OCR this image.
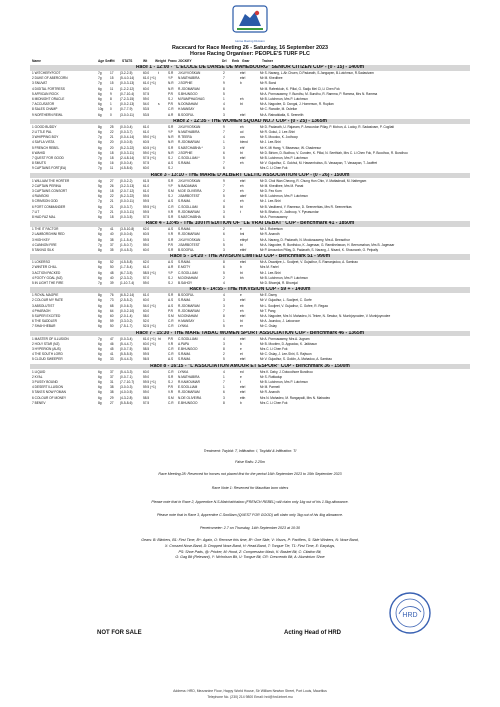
Horse Racing Division
Racecard for Race Meeting 26 - Saturday, 16 September 2023
Horse Racing Organiser: PEOPLE'S TURF PLC
Name	Age Sex
Rtt STATS	Wt Weight Franc JOCKEY	Drl Emb Gear	Trainer
Race 1 - 12:00 - "L'ECOLE DE DANSE DE MAHÉBOURG" SENIOR CITIZEN CUP - (0 - 15) - 1400m
1 WITCHERYFOOT	7g	17	(3-2-2-5)	60.0	S.R	J.KUYVOSKAN	2	ebrl
t	Mr S. Narang, L.Ah Chuen, D.Padarath, S.Jangapen, B.Lutchmun, R.Sadasivam
2 DUKE OF ABERCORN	7g	15	(5-4-0-14)	61.0 (+1)	Y.P	N.MATHABIRA	7	ebrl	Mr M. Khedibee
3 SNUVAT	7g	15	(0-0-3-13)	61.0 (+1)	N.R	J.SOPHIE	9	b	Mr R. Bond
4 DIGITAL FORTRESS	6g	11	(1-2-2-12)	60.0	N.R	R.JOOMARAM	8	Mr M. Rafeekkoh, K. Pillai, G. Sadju Mei Ci, Li Chen Fok
5 AFRICAN ROCK	6g	9	(0-7-10-4)	57.5	P.R	S.BHUNGOO	5	Mr A. Ponnusawmy, Y. Bundhu, M. Bundhu, R. Ramma, P. Ramma, Mrs N. Ramma
6 MIDNIGHT ORACLE	6g	8	(7-2-3-15)	59.0	S.J	M.RAMPHAGHAG	1	eh	Mr B. Lutchmun, Mrs P. Lutchmun
7 ACCUSATOR	6g	1	(0-0-2-13)	54.0	P.R	N.DOMAHAM	4	bt
s	Mr A. Nagodee, D. Dongal, J. Homerson, R. Ruplian
8 SALES CHAMP	10g	0	(0-7-7-9)	53.5	C.R	H.MANSAY	6	Mr C. Rarodie, M. Ouleliar
9 NORTHERN REWL	6g	0	(3-0-0-11)	53.5	A.R	B.SOOFUL	3	ebrl	Mr A. Ratnatkiatla, S. Seeneith
Race 2 - 12:35 - THE WOMEN SQUAD NO.7 CUP - (0 - 25) - 1365m
1 GOOD BUDDY	8g	25	(0-0-0-4)	61.0	S.R	J.KUYVOSKAN	9	eh	Mr D. Padarath, U. Rajaram, P. Amourdon Pillay, P. Mohun, A. Lodoy, R. Sadasivam, P. Cogliati
2 LITTLE PAL	6g	22	(0-0-3-7)	61.0	Y.P	N.MATHABIRA	7	cd	Mr R. Gokul, J. Lee-Shiri
3 WHIPPING BOY	7g	21	(0-0-4-14)	59.0 (+1)	N.R	R.TEERA	4	ccs	Mr S. Moodoo, K. Jodhoop
4 SAFLA VISTA	6g	20	(0-0-0-5)	60.5	N.R	R.JOOMARAM	1	blend	Mr J. Lee-Shiri
5 FRENCH REBEL	6g	20	(5-2-3-22)	60.5 (+1)	S.R	S.MATCHABHA *	3	ehf	Mr K. Mi Hang, Y. Bissessur, W. Chadeesur
6 WAHID	6g	18	(0-0-3-11)	59.0 (+1)	N.R	J.SOPHIE	6	bt	Mr D. Biriom, D. Budhoo, V. Cunden, K. Pillai, N. Seethiah, Mrs C. Li Chen Fok, P. Boodhoo, R. Bundhoo
7 QUEST FOR GOOD	7g	18	(2-4-8-14)	57.5 (+1)	S.J	C.SOOLLIAM *	5	ebrl	Mr B. Lutchmun, Mrs P. Lutchmun
8 SMUTS	6g	16	(0-0-0-4)	57.5	A.S	S.RAMA	7	eh	Mr V. Gujadhur, C. Gokhul, M. Hassenbubus, B. Vassapan, T. Vassapan, T. Jauffret
9 CAPTAINS FORT(EA)	7g	11	(4-5-8-6)	60.0	S.J	6	Mrs C. Li Chen Fok
Race 3 - 13:10 - THE MARIE D'ALBERT CELTIC ASSOCIATION CUP - (0 - 26) - 1500m
1 WILLIAM THE HORTER	4g	27	(0-0-2-2)	61.5	S.R	J.KUYVOSKAN	9	ebrl	Mr D. Chol Wan Cheong, R. Chung Hon Chin, V. Mattadeudi, M. Nattergam
2 CAPTAIN PERINA	5g	26	(3-2-3-13)	61.0	Y.P	N.BADAMAN	7	eh	Mr M. Khedibee, Mrs M. Panat
3 CAPTAINS CONSORT	6g	18	(2-0-7-12)	61.0	S.M	M.DE OLIVEIRA	2	eh	Mr D. Feo Kum
4 RANSOKI	6g	22	(5-2-3-22)	59.5	S.J	J.BARBOTEST	5	abnf	Mr B. Lutchmun, Mrs P. Lutchmun
5 CRIMSON GOD	7g	21	(0-0-0-11)	59.5	A.S	S.RAMA	4	eh	Mr J. Lee-Shiri
6 FORT COMMANDER	6g	21	(0-0-3-7)	59.5 (+1)	C.R	C.SOOLLIAM	8	bt	Mr B. Vasilkend, Y. Ramesur, D. Seeneehias, Mrs R. Seeneehias
7 LIT	7g	21	(0-0-3-11)	59.5	V.R	R.JOOMARAM	3	t	Mr B. Bhatoo, K. Jodhoop, Y. Pynasundar
8 HAD FAZ MAL	6g	18	(0-0-3-5)	57.5	S.R	S.MATCHABHA	6	Mr A. Ponnusawmy
Race 4 - 13:45 - THE 100TH EDITION OF "LE VRAI DÉBAT" CUP - Benchmark 41 - 1850m
1 THE IT FACTOR	7g	41	(3-5-10-8)	62.0	A.S	S.RAMA	2	e	Mr J. Robertson
2 LAMBORGHINI RED	6g	40	(0-0-0-6)	60.5	V.R	R.JOOMARAM	6	bnl	Mr R. Anandh
3 HIGH KEY	8g	38	(1-1-5-4)	59.5	S.R	J.KUYVOSKAN	1	ebhpf	Mr A. Narang, D. Padarath, N. Moolussawmy, Mrs A. Beeaothur
4 CANNON FIRE	7g	37	(1-5-0-7)	59.0	P.R	J.BARBOTEST	5	bt	Mr A. Nagodee, R. Bunthdoo, K. Jagessar, G. Ramkhelawon, H. Beerumahan, Mrs B. Jagessar
5 TAKING SILK	8g	35	(0-4-5-3)	60.0	S.R	B.SOOFUL	3	ebhf	Mr P. Amourdon Pillay, D. Padarath, S. Narang, J. Nisard, K. Shounwah, O. Pelpally
Race 5 - 14:20 - THE AIVISION LIMITED CUP - Benchmark 51 - 990m
1 LOKERSO	6g	52	(4-5-5-8)	62.0	A.S	S.RAMA	8	ebnl	Mr A. Dwarkjee, L. Sooljeet, V. Gujadhur, S. Ramanjadoo, A. Sambao
2 WINTER CHILL	6g	50	(1-7-5-4)	61.0	A.R	E.MOTY	6	b	Mrs M. Fariel
3 ACTION PACKED	6g	48	(6-7-3-5)	58.5 (+1)	Y.P	C.SOOLLIAM	5	bt	Mr J. Lee-Shiri
4 FOOTY GOAL (NZ)	6g	40	(2-3-3-2)	57.0	S.J	M.DONAHAM	2	bh	Mr B. Lutchmun, Mrs P. Lutchmun
5 IN LIGHT THE FIRE	7g	39	(1-10-7-4)	59.0	S.J	B.SAHOY	4	Mr D. Bhomjal, R. Bhomjal
Race 6 - 14:55 - THE HIKVISION CUP - 59 + - 1400m
1 ROYAL MAGPIE	8g	76	(6-5-2-14)	61.0	S.R	B.SOOFUL	4	e	Mr E. Darny
2 COLOUR MY RATE	6g	73	(2-5-5-2)	60.0	A.S	S.RAMA	3	ebrl	Mr V. Gujadhur, L. Sooljeet, C. Gorfe
3 ABSOLUTIST	6g	68	(0-0-6-3)	54.0 (+1)	A.S	R.JOOMARAM	3	eb	Mr L. Sooljeet, V. Gujadhur, C. Gofee, R. Regaa
4 PHARAOH	6g	64	(0-0-2-10)	60.0	P.R	R.JOOMARAM	7	eh	Mr T. Pang
5 SUPER EXCITED	6g	60	(2-0-1-4)	58.0	S.M	M.DONAHAM	8	ebrl	Mr A. Nagodee, Mrs N. Mahadeo, N. Tekee, N. Sewkur, N. Munbjoynodee, V. Munbjoynodee
6 THE SADDLER	8g	59	(3-3-0-2)	52.0	C.R	H.MANSAY	1	bt	Mr A. Jaundoo, J. Latooroce
7 SHAH HEBAR	6g	50	(7-5-1-7)	52.5 (+1)	C.R	LYNKA	5	er	Mr C. Oslay
Race 7 - 15:30 - THE MARE TABAC WOMEN SPORT ASSOCIATION CUP - Benchmark 46 - 1365m
1 MASTER OF ILLUSION	7g	47	(0-0-3-4)	61.0 (+1)	P.R	C.SOOLLIAM	4	ebrl
ht	Mr A. Ponnusawmy, Mrs A. Jugram
2 HOLY STAR (NZ)	6g	46	(5-4-4-7)	60.0 (+1)	V.R	A.PAPA	3	b	Mr B. Mootien, D. Appadoo, K. Jaikissun
3 HYPERION (AUS)	6g	45	(0-0-7-5)	58.5	C.R	E.BHUNGOO	8	e	Mrs C. Li Chen Fok
4 THE SOUTH LORD	6g	41	(5-5-5-5)	59.5	C.R	S.RAMA	2	et	Mr C. Oslay, J. Lee-Shiri, S. Rajiwon
5 CLOUD SWEEPER	6g	33	(5-4-4-3)	56.5	A.S	S.RAMA	5	ebrl	Mr V. Gujadhur, S. Goklin, A. Mahadoo, A. Sambao
Race 8 - 16:15 - "L'ASSOCIATION AMOUR ET ESPOIR" CUP - Benchmark 36 - 1500m
1 LIQUID	6g	37	(5-4-3-3)	60.0	C.R	LYNKA	4	ed	Mrs K. Daby, J. Dotoodhore Bundhoo
2 KYAL	6g	37	(0-0-7-1)	59.0	S.R	N.MATHABIRA	1	e	Mr S. Ruttiadup
3 PUSSY BOUND	6g	31	(7-7-10-7)	59.5 (+1)	S.J	R.KAMOUMAR	7	t	Mr B. Lutchmun, Mrs P. Lutchmun
4 DESERT ILLUSION	6g	38	(3-0-0-3)	59.5 (+1)	P.R	E.SOOLLIAM	1	ebrl	Mr M. Parmeli
5 TAKES NOW FOMAN	6g	38	(4-0-0-5)	59.0	V.R	R.JOOMARAM	6	ebrl	Mr R. Anandh
6 COLOUR OF MONEY	6g	29	(4-3-2-8)	58.5	S.M	N.DE OLIVEIRA	3	ebh	Mrs N. Mahadeo, M. Rangapaili, Mrs N. Mahadeo
7 BENEV	8g	27	(5-5-8-6)	57.5	C.R	E.BHUNGOO	8	b	Mrs C. Li Chen Fok
Treatment: Twybid: T, Infiltration: I, Twybild & Infiltration: TI
False Rails: 2.25m
Race Meeting 28: Reserved for horses not placed first for the period 16th September 2023 to 15th September 2023
Race Note 1: Reserved for Mauritian born riders
Please note that in Race 2, Apprentice N.S.Matchahhaboo (FRENCH REBEL) will claim only 1kg out of his 1.5kg allowance.
Please note that in Race 3, Apprentice C.Soolliam (QUEST FOR GOOD) will claim only 3kg out of his 4kg allowance.
Penetrometer: 2.7 on Thursday, 14th September 2023 at 10:30
Gears: B: Blinkers, B1: First Time, B+: Again, O: Remove this time, B*: One Side, V: Visors, P: Pacifiers, S: Side Winkers, N: Nose Band,
X: Crossed Nose-Band, D: Dropped Nose-Band, H: Head-Band, T: Tongue Tie, T1: First Time, E: Earplugs,
PS: Shoe Pads, @: Pricker, M: Hood, Z: Compression Mask, K: Basket Bit, C: Citation Bit,
G: Gag Bit (Relevant), Y: Nicholson Bit, U: Tongue Bit, CR: Crescendo Bit, A: Aluminium Shoe
NOT FOR SALE	Acting Head of HRD
HRD
Address: HRD, Mezzanine Floor, Happy World House, Sir William Newton Street, Port Louis, Mauritius
Telephone No. (230) 214 9800 Email: hrd@hrd.intnet.mu
